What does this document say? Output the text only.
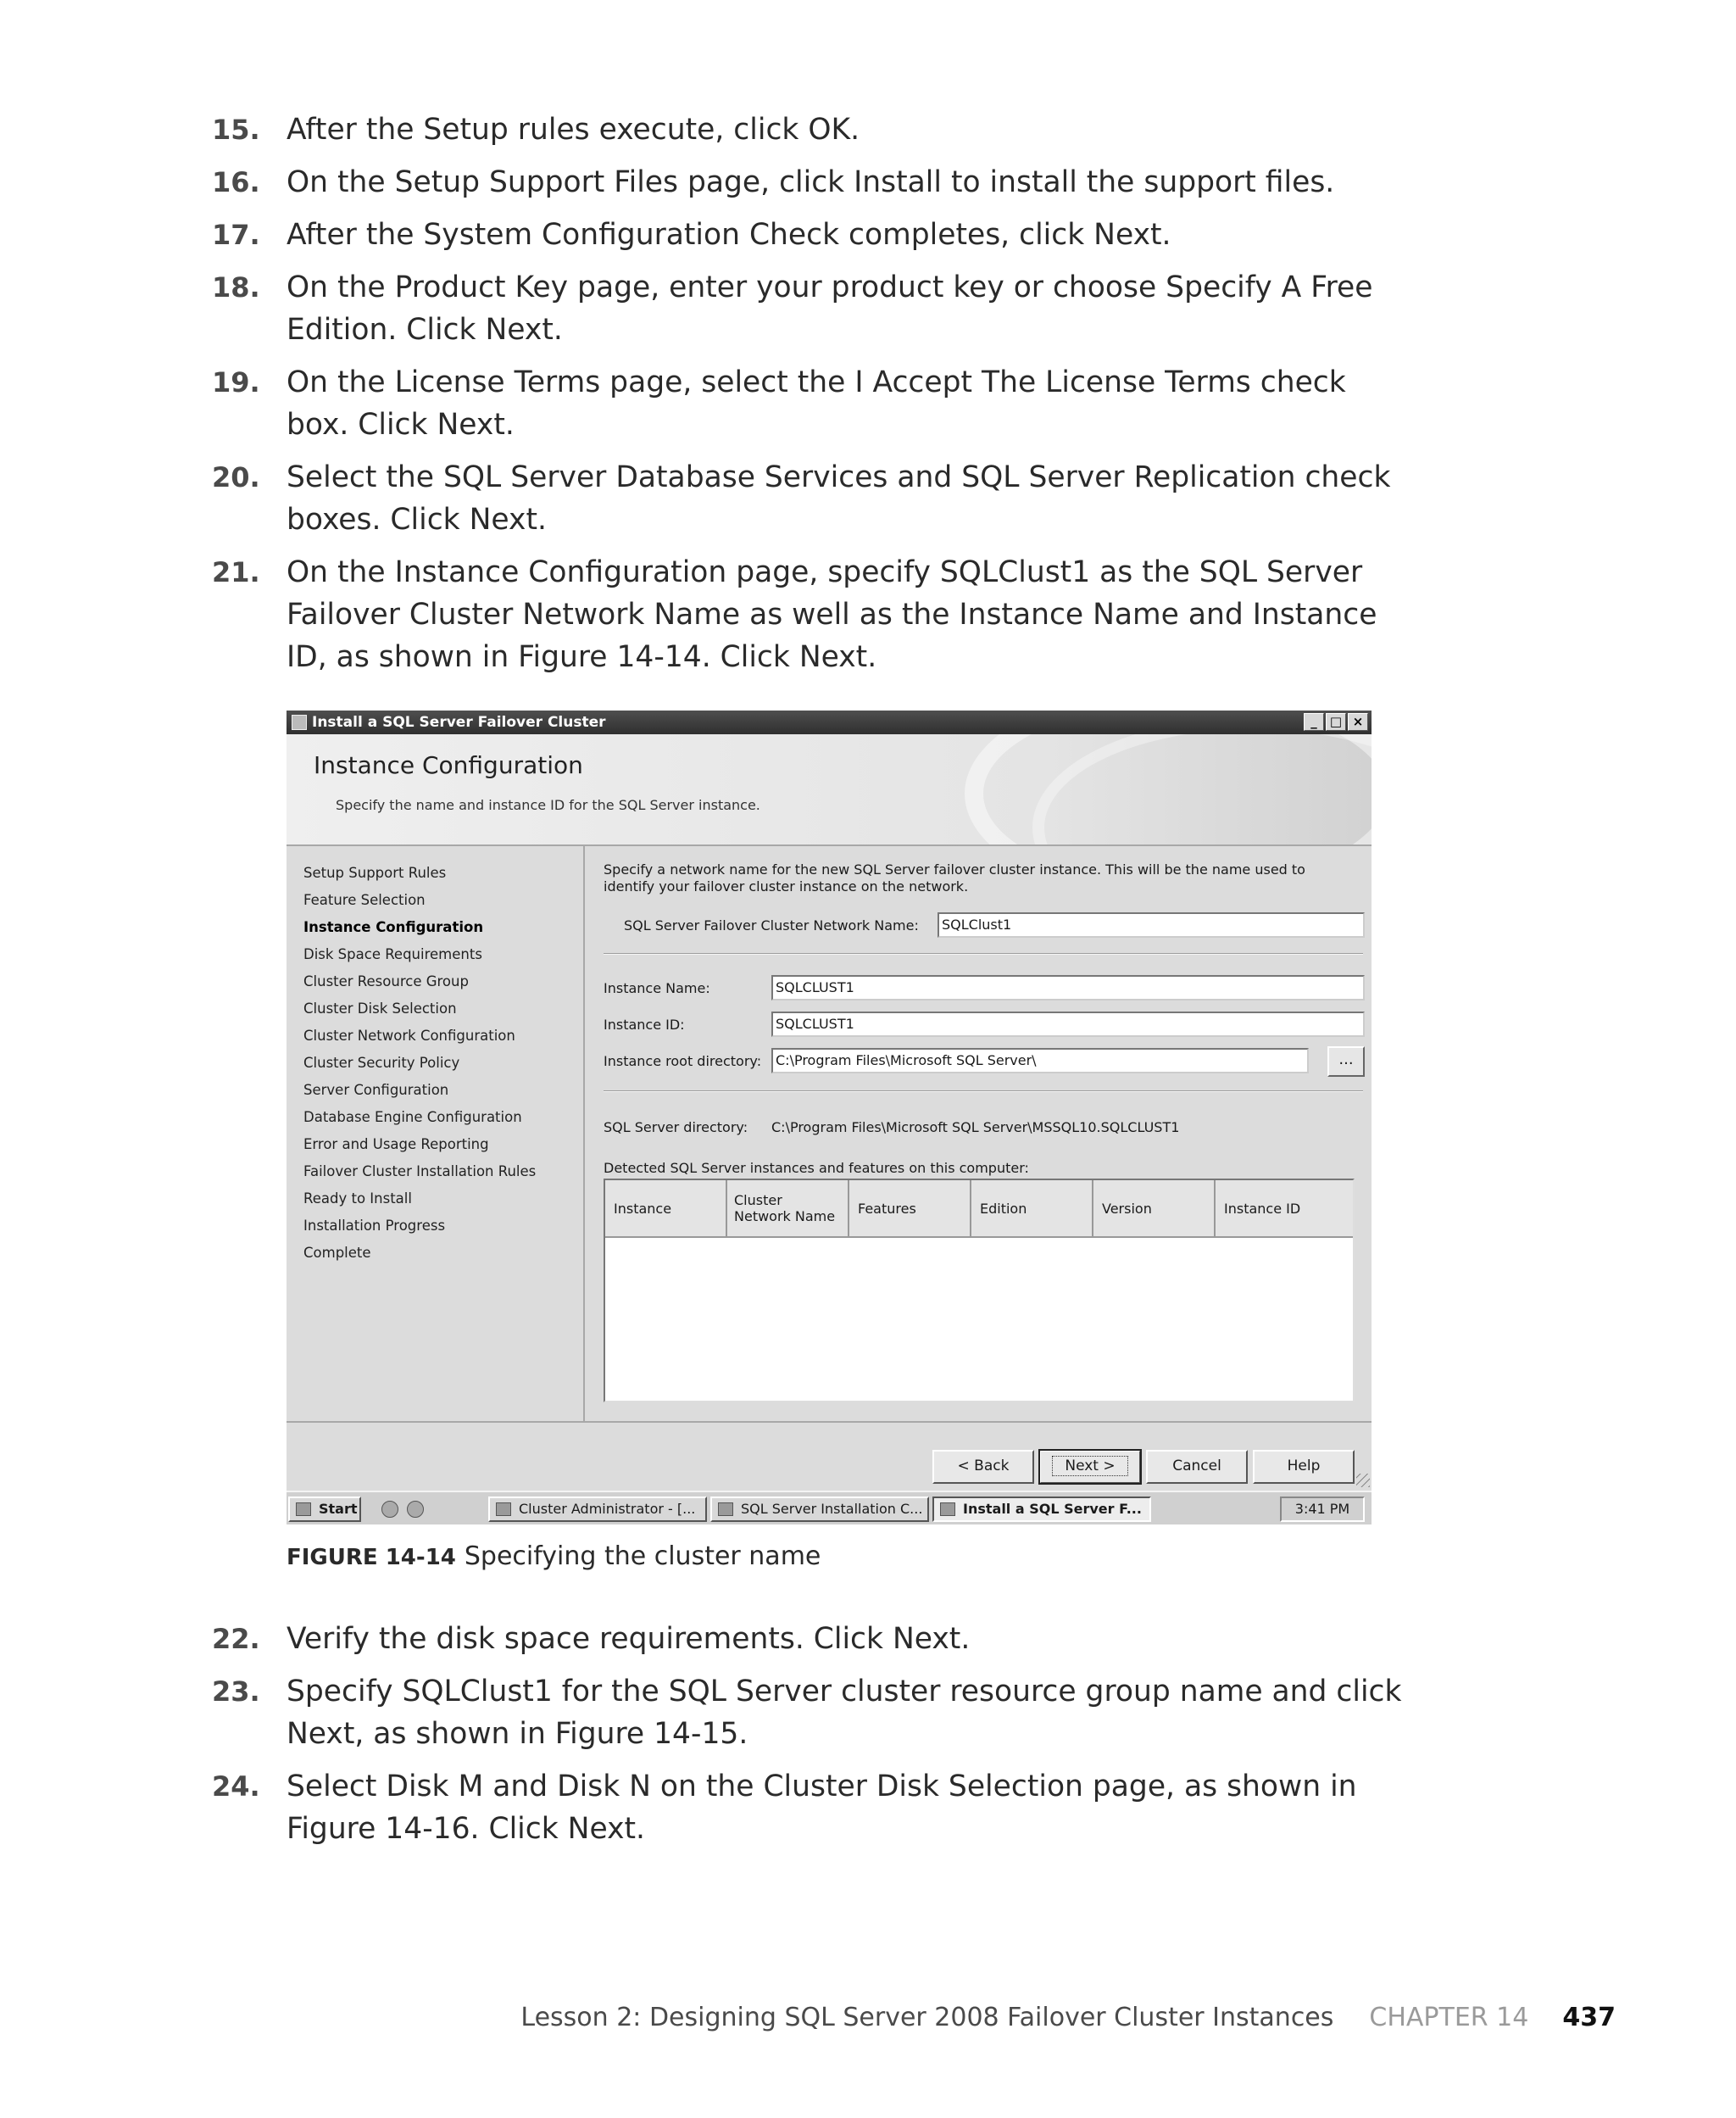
15. After the Setup rules execute, click OK.
16. On the Setup Support Files page, click Install to install the support files.
17. After the System Configuration Check completes, click Next.
18. On the Product Key page, enter your product key or choose Specify A Free Edition. Click Next.
19. On the License Terms page, select the I Accept The License Terms check box. Click Next.
20. Select the SQL Server Database Services and SQL Server Replication check boxes. Click Next.
21. On the Instance Configuration page, specify SQLClust1 as the SQL Server Failover Cluster Network Name as well as the Instance Name and Instance ID, as shown in Figure 14-14. Click Next.
Install a SQL Server Failover Cluster	_	□ ×
Instance Configuration

Specify the name and instance ID for the SQL Server instance.

Setup Support Rules
Feature Selection
Instance Configuration
Disk Space Requirements
Cluster Resource Group
Cluster Disk Selection
Cluster Network Configuration
Cluster Security Policy
Server Configuration
Database Engine Configuration
Error and Usage Reporting
Failover Cluster Installation Rules
Ready to Install
Installation Progress
Complete
Specify a network name for the new SQL Server failover cluster instance. This will be the name used to identify your failover cluster instance on the network.
SQL Server Failover Cluster Network Name:	SQLClust1
Instance Name:	SQLCLUST1
Instance ID:	SQLCLUST1
Instance root directory:	C:\Program Files\Microsoft SQL Server\	...
SQL Server directory: C:\Program Files\Microsoft SQL Server\MSSQL10.SQLCLUST1
Detected SQL Server instances and features on this computer:
Instance	Cluster Network Name	Features	Edition	Version	Instance ID
< Back	Next >	Cancel	Help
Start	Cluster Administrator - [...	SQL Server Installation C...	Install a SQL Server F...	3:41 PM
FIGURE 14-14 Specifying the cluster name
22. Verify the disk space requirements. Click Next.
23. Specify SQLClust1 for the SQL Server cluster resource group name and click Next, as shown in Figure 14-15.
24. Select Disk M and Disk N on the Cluster Disk Selection page, as shown in Figure 14-16. Click Next.
Lesson 2: Designing SQL Server 2008 Failover Cluster Instances CHAPTER 14 437
